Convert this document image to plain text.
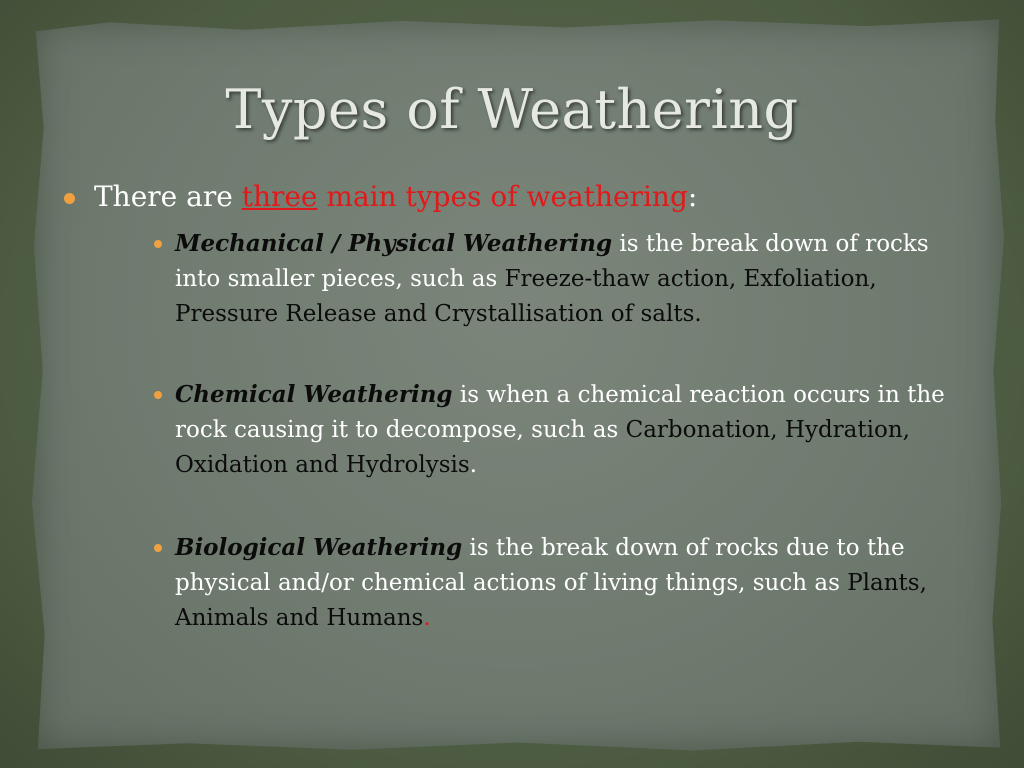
Types of Weathering
There are three main types of weathering:
Mechanical / Physical Weathering is the break down of rocks into smaller pieces, such as Freeze-thaw action, Exfoliation, Pressure Release and Crystallisation of salts.
Chemical Weathering is when a chemical reaction occurs in the rock causing it to decompose, such as Carbonation, Hydration, Oxidation and Hydrolysis.
Biological Weathering is the break down of rocks due to the physical and/or chemical actions of living things, such as Plants, Animals and Humans.
